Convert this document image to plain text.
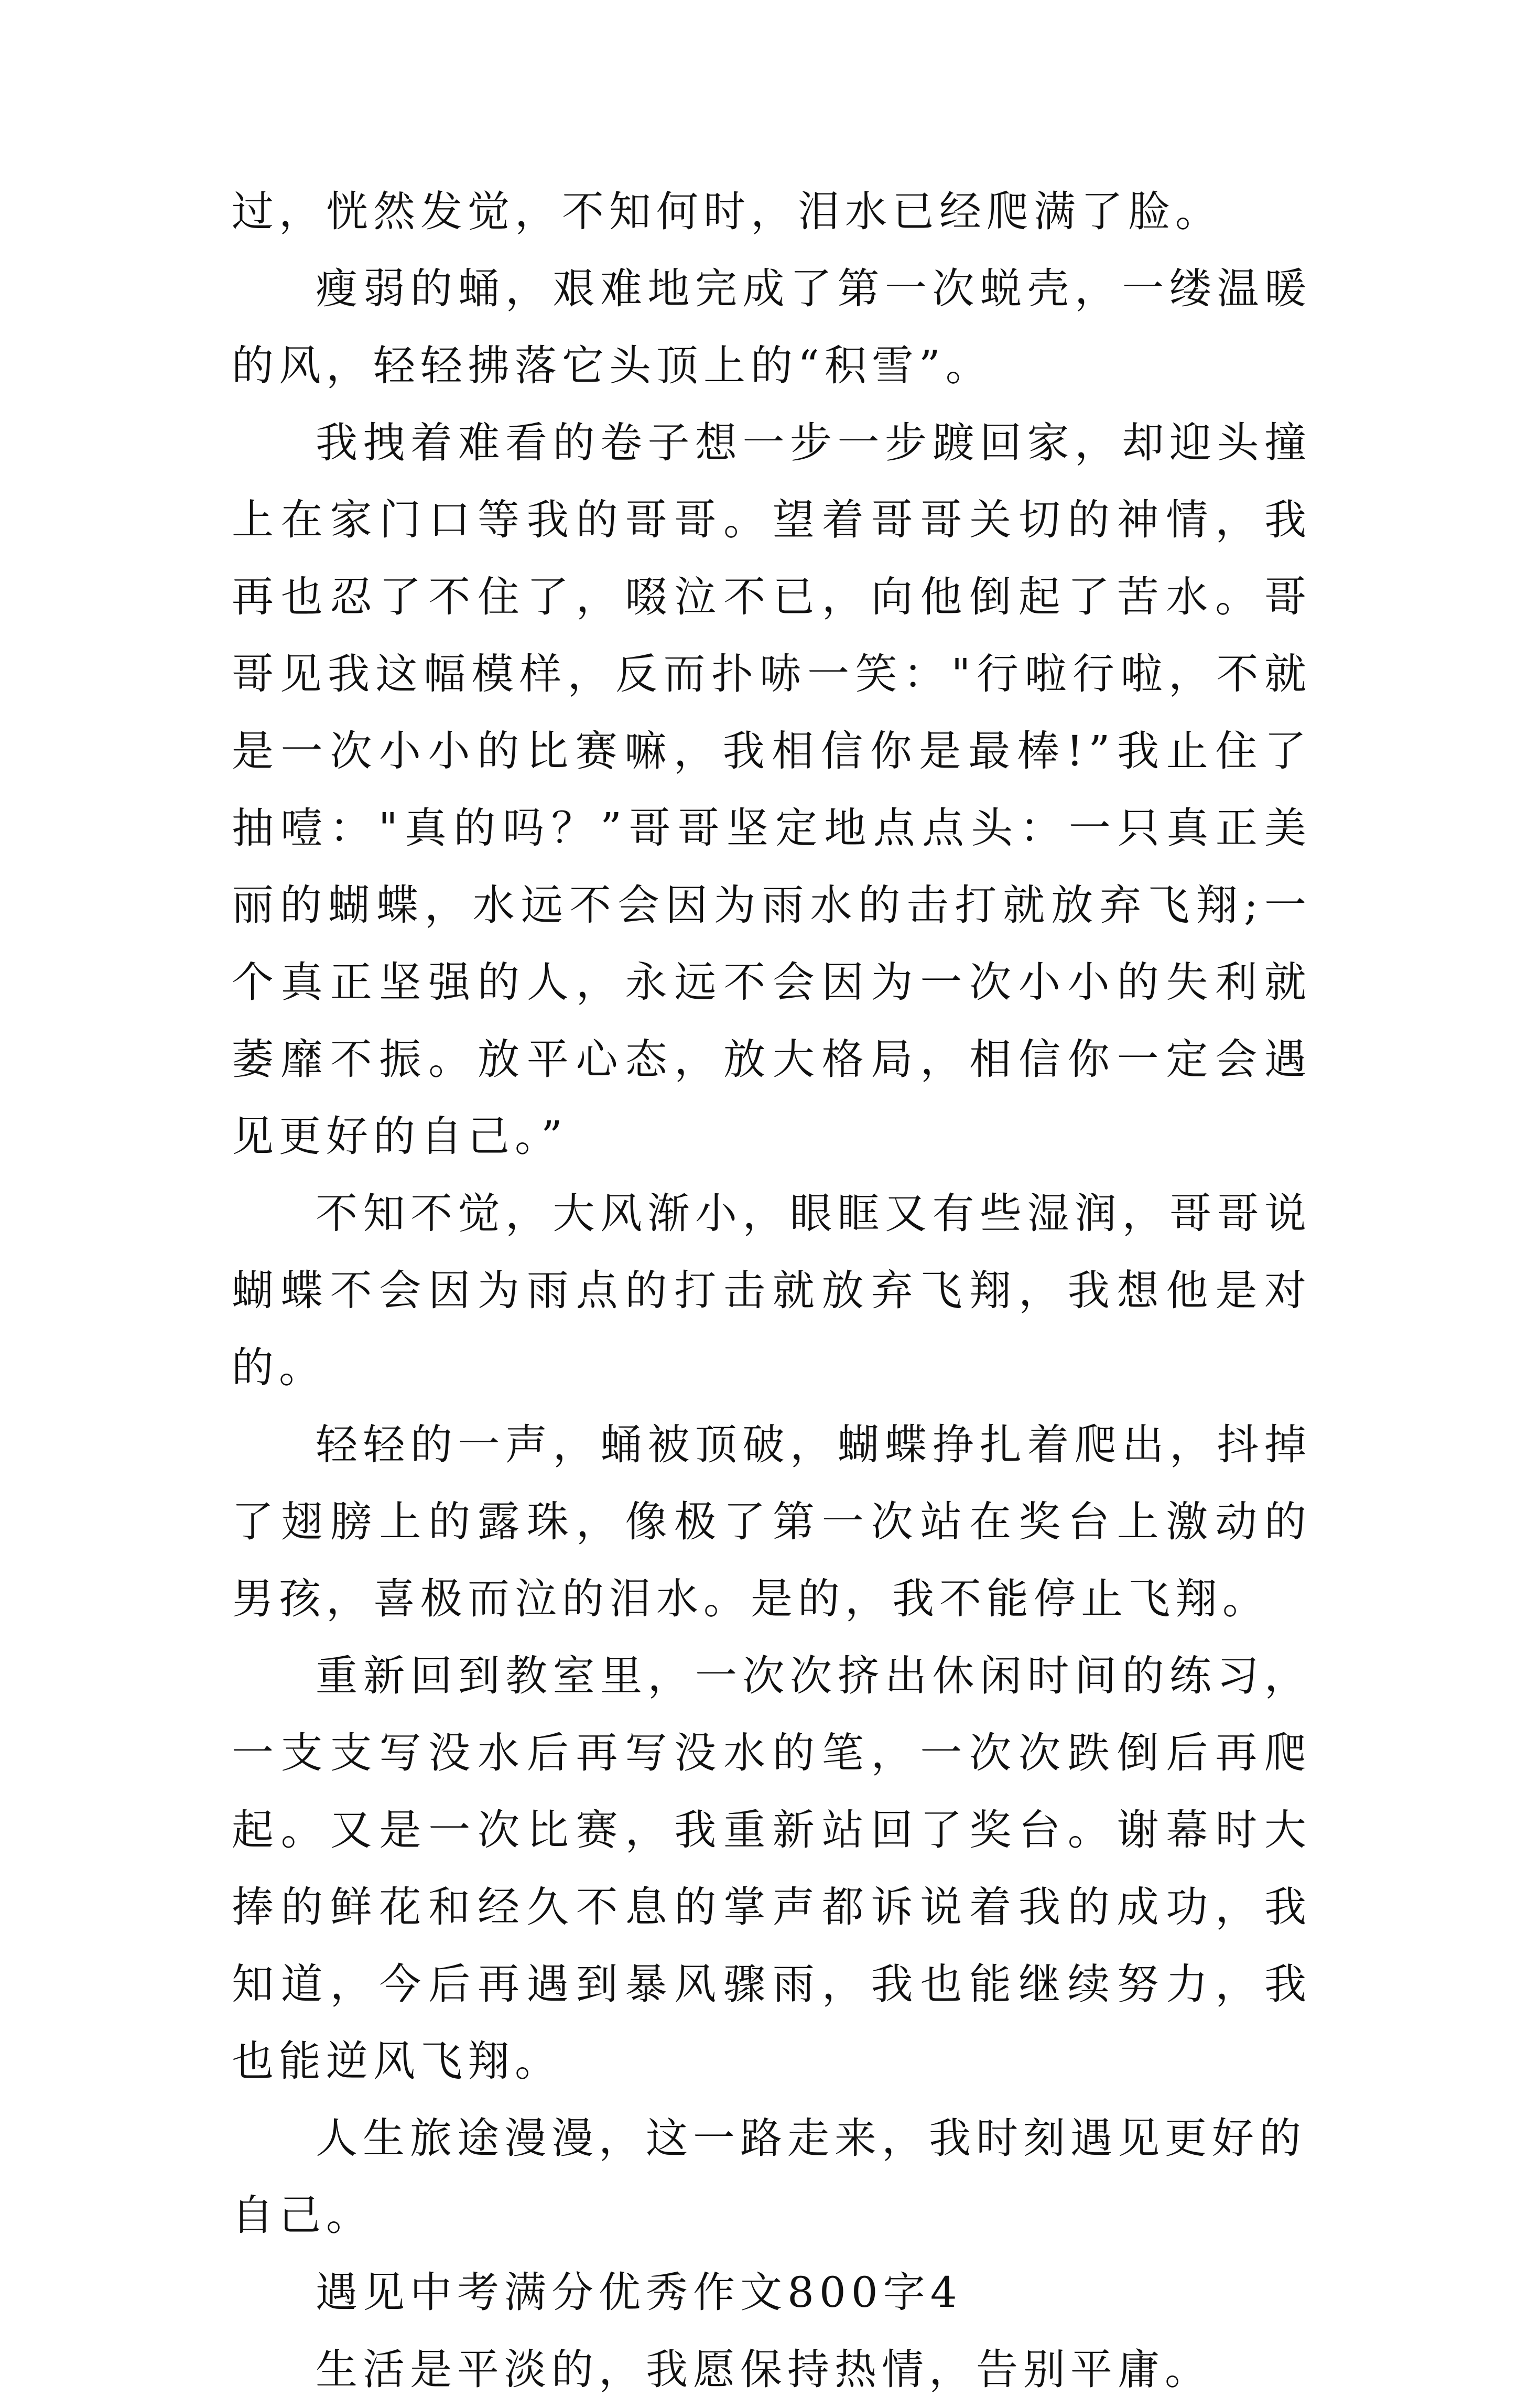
过，恍然发觉，不知何时，泪水已经爬满了脸。

瘦弱的蛹，艰难地完成了第一次蜕壳，一缕温暖的风，轻轻拂落它头顶上的“积雪”。

我拽着难看的卷子想一步一步踱回家，却迎头撞上在家门口等我的哥哥。望着哥哥关切的神情，我再也忍了不住了，啜泣不已，向他倒起了苦水。哥哥见我这幅模样，反而扑哧一笑："行啦行啦，不就是一次小小的比赛嘛，我相信你是最棒!”我止住了抽噎："真的吗？”哥哥坚定地点点头：一只真正美丽的蝴蝶，水远不会因为雨水的击打就放弃飞翔;一个真正坚强的人，永远不会因为一次小小的失利就萎靡不振。放平心态，放大格局，相信你一定会遇见更好的自己。”

不知不觉，大风渐小，眼眶又有些湿润，哥哥说蝴蝶不会因为雨点的打击就放弃飞翔，我想他是对的。

轻轻的一声，蛹被顶破，蝴蝶挣扎着爬出，抖掉了翅膀上的露珠，像极了第一次站在奖台上激动的男孩，喜极而泣的泪水。是的，我不能停止飞翔。

重新回到教室里，一次次挤出休闲时间的练习，一支支写没水后再写没水的笔，一次次跌倒后再爬起。又是一次比赛，我重新站回了奖台。谢幕时大捧的鲜花和经久不息的掌声都诉说着我的成功，我知道，今后再遇到暴风骤雨，我也能继续努力，我也能逆风飞翔。

人生旅途漫漫，这一路走来，我时刻遇见更好的自己。

遇见中考满分优秀作文800字4

生活是平淡的，我愿保持热情，告别平庸。
